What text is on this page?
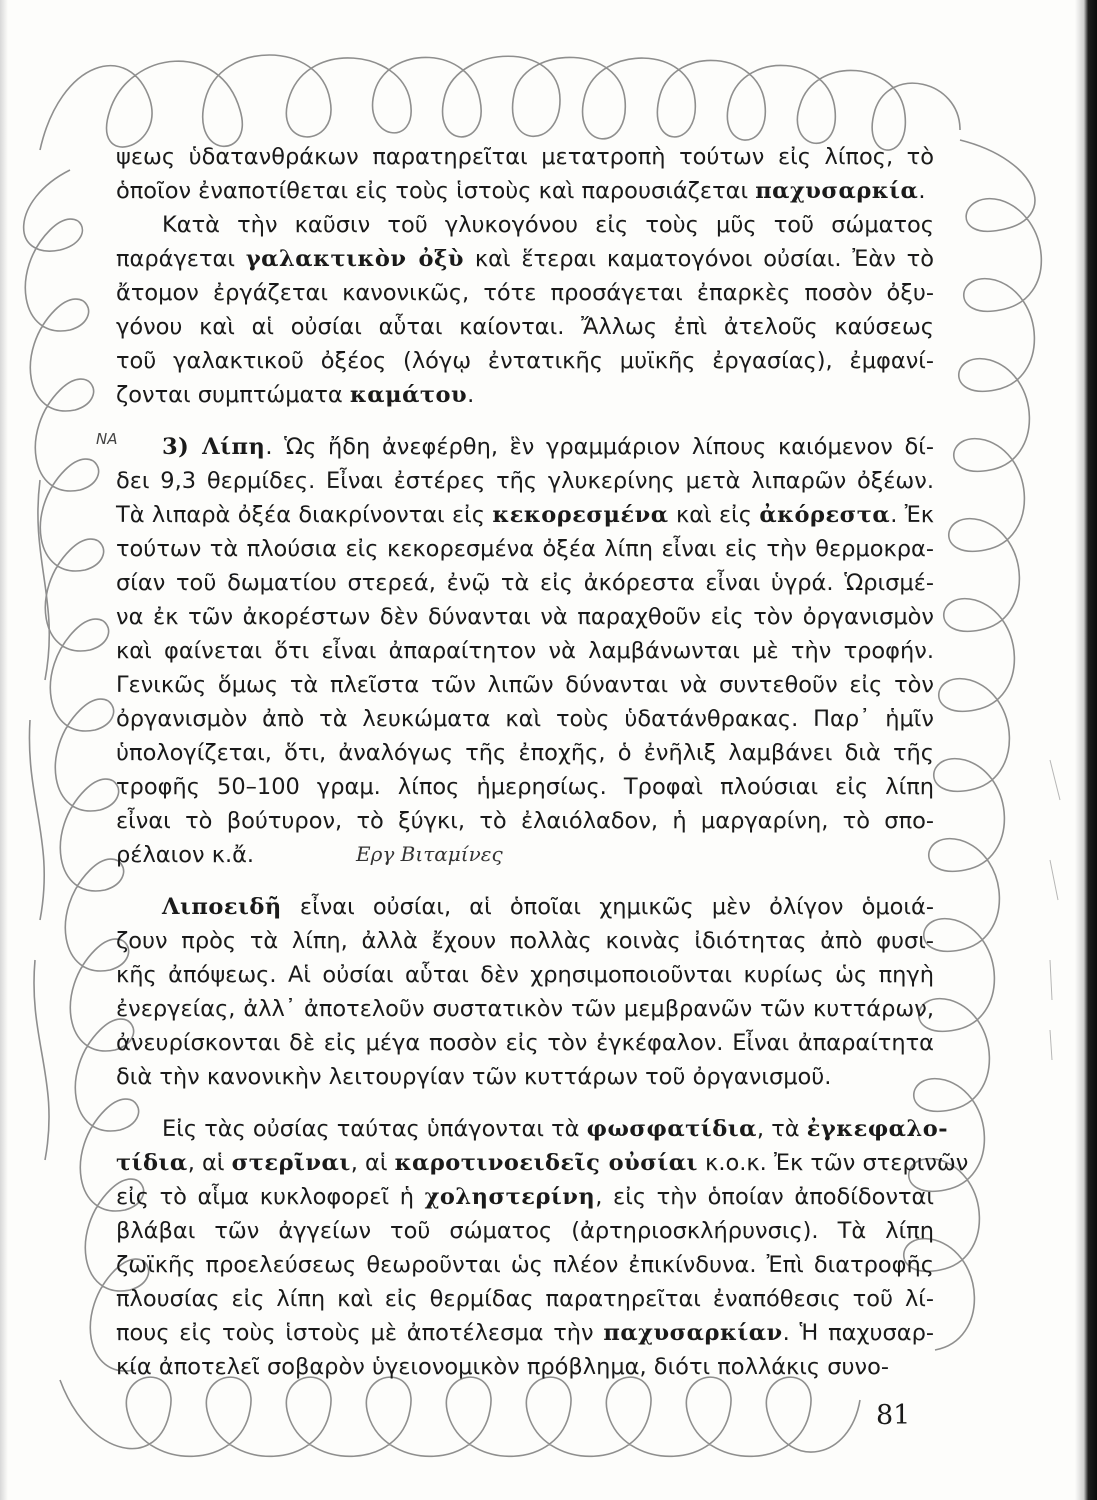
ΝΑ
Εργ Βιταμίνες
ψεως ὑδατανθράκων παρατηρεῖται μετατροπὴ τούτων εἰς λίπος, τὸ
ὁποῖον ἐναποτίθεται εἰς τοὺς ἱστοὺς καὶ παρουσιάζεται παχυσαρκία.
Κατὰ τὴν καῦσιν τοῦ γλυκογόνου εἰς τοὺς μῦς τοῦ σώματος
παράγεται γαλακτικὸν ὀξὺ καὶ ἕτεραι καματογόνοι οὐσίαι. Ἐὰν τὸ
ἄτομον ἐργάζεται κανονικῶς, τότε προσάγεται ἐπαρκὲς ποσὸν ὀξυ-
γόνου καὶ αἱ οὐσίαι αὗται καίονται. Ἄλλως ἐπὶ ἀτελοῦς καύσεως
τοῦ γαλακτικοῦ ὀξέος (λόγῳ ἐντατικῆς μυϊκῆς ἐργασίας), ἐμφανί-
ζονται συμπτώματα καμάτου.
3) Λίπη. Ὡς ἤδη ἀνεφέρθη, ἓν γραμμάριον λίπους καιόμενον δί-
δει 9,3 θερμίδες. Εἶναι ἐστέρες τῆς γλυκερίνης μετὰ λιπαρῶν ὀξέων.
Τὰ λιπαρὰ ὀξέα διακρίνονται εἰς κεκορεσμένα καὶ εἰς ἀκόρεστα. Ἐκ
τούτων τὰ πλούσια εἰς κεκορεσμένα ὀξέα λίπη εἶναι εἰς τὴν θερμοκρα-
σίαν τοῦ δωματίου στερεά, ἐνῷ τὰ εἰς ἀκόρεστα εἶναι ὑγρά. Ὡρισμέ-
να ἐκ τῶν ἀκορέστων δὲν δύνανται νὰ παραχθοῦν εἰς τὸν ὀργανισμὸν
καὶ φαίνεται ὅτι εἶναι ἀπαραίτητον νὰ λαμβάνωνται μὲ τὴν τροφήν.
Γενικῶς ὅμως τὰ πλεῖστα τῶν λιπῶν δύνανται νὰ συντεθοῦν εἰς τὸν
ὀργανισμὸν ἀπὸ τὰ λευκώματα καὶ τοὺς ὑδατάνθρακας. Παρ᾽ ἡμῖν
ὑπολογίζεται, ὅτι, ἀναλόγως τῆς ἐποχῆς, ὁ ἐνῆλιξ λαμβάνει διὰ τῆς
τροφῆς 50–100 γραμ. λίπος ἡμερησίως. Τροφαὶ πλούσιαι εἰς λίπη
εἶναι τὸ βούτυρον, τὸ ξύγκι, τὸ ἐλαιόλαδον, ἡ μαργαρίνη, τὸ σπο-
ρέλαιον κ.ἄ.
Λιποειδῆ εἶναι οὐσίαι, αἱ ὁποῖαι χημικῶς μὲν ὀλίγον ὁμοιά-
ζουν πρὸς τὰ λίπη, ἀλλὰ ἔχουν πολλὰς κοινὰς ἰδιότητας ἀπὸ φυσι-
κῆς ἀπόψεως. Αἱ οὐσίαι αὗται δὲν χρησιμοποιοῦνται κυρίως ὡς πηγὴ
ἐνεργείας, ἀλλ᾽ ἀποτελοῦν συστατικὸν τῶν μεμβρανῶν τῶν κυττάρων,
ἀνευρίσκονται δὲ εἰς μέγα ποσὸν εἰς τὸν ἐγκέφαλον. Εἶναι ἀπαραίτητα
διὰ τὴν κανονικὴν λειτουργίαν τῶν κυττάρων τοῦ ὀργανισμοῦ.
Εἰς τὰς οὐσίας ταύτας ὑπάγονται τὰ φωσφατίδια, τὰ ἐγκεφαλο-
τίδια, αἱ στερῖναι, αἱ καροτινοειδεῖς οὐσίαι κ.ο.κ. Ἐκ τῶν στερινῶν
εἰς τὸ αἷμα κυκλοφορεῖ ἡ χοληστερίνη, εἰς τὴν ὁποίαν ἀποδίδονται
βλάβαι τῶν ἀγγείων τοῦ σώματος (ἀρτηριοσκλήρυνσις). Τὰ λίπη
ζωϊκῆς προελεύσεως θεωροῦνται ὡς πλέον ἐπικίνδυνα. Ἐπὶ διατροφῆς
πλουσίας εἰς λίπη καὶ εἰς θερμίδας παρατηρεῖται ἐναπόθεσις τοῦ λί-
πους εἰς τοὺς ἱστοὺς μὲ ἀποτέλεσμα τὴν παχυσαρκίαν. Ἡ παχυσαρ-
κία ἀποτελεῖ σοβαρὸν ὑγειονομικὸν πρόβλημα, διότι πολλάκις συνο-
81
